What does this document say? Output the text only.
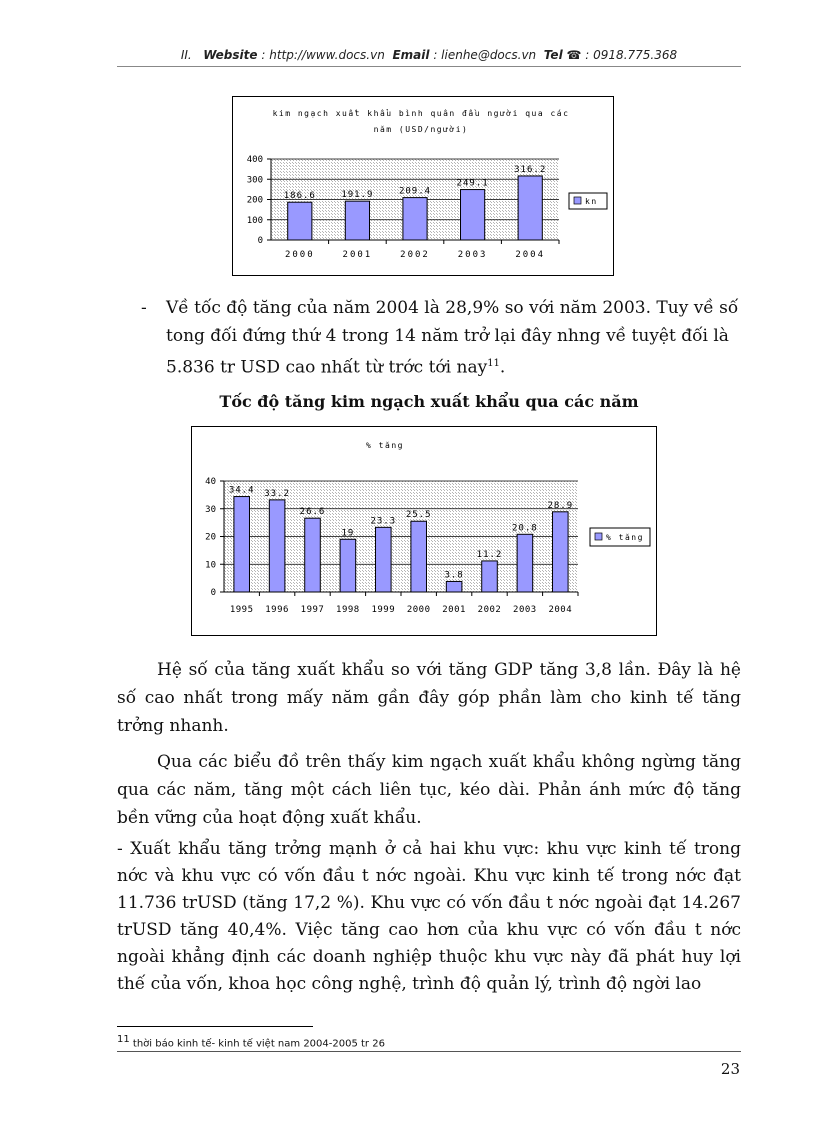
II. Website : http://www.docs.vn Email : lienhe@docs.vn Tel ☎ : 0918.775.368
kim ngạch xuất khẩu bình quân đầu người qua các
năm (USD/người)
0
100
200
300
400
186.6
2000
191.9
2001
209.4
2002
249.1
2003
316.2
2004
kn
- Về tốc độ tăng của năm 2004 là 28,9% so với năm 2003. Tuy về số
tong đối đứng thứ 4 trong 14 năm trở lại đây nhng về tuyệt đối là
5.836 tr USD cao nhất từ trớc tới nay$^{11}$.
Tốc độ tăng kim ngạch xuất khẩu qua các năm
% tăng
0
10
20
30
40
34.4
1995
33.2
1996
26.6
1997
19
1998
23.3
1999
25.5
2000
3.8
2001
11.2
2002
20.8
2003
28.9
2004
% tăng
Hệ số của tăng xuất khẩu so với tăng GDP tăng 3,8 lần. Đây là hệ số cao nhất trong mấy năm gần đây góp phần làm cho kinh tế tăng trởng nhanh.
Qua các biểu đồ trên thấy kim ngạch xuất khẩu không ngừng tăng qua các năm, tăng một cách liên tục, kéo dài. Phản ánh mức độ tăng bền vững của hoạt động xuất khẩu.
- Xuất khẩu tăng trởng mạnh ở cả hai khu vực: khu vực kinh tế trong nớc và khu vực có vốn đầu t nớc ngoài. Khu vực kinh tế trong nớc đạt 11.736 trUSD (tăng 17,2 %). Khu vực có vốn đầu t nớc ngoài đạt 14.267 trUSD tăng 40,4%. Việc tăng cao hơn của khu vực có vốn đầu t nớc ngoài khẳng định các doanh nghiệp thuộc khu vực này đã phát huy lợi thế của vốn, khoa học công nghệ, trình độ quản lý, trình độ ngời lao
$^{11}$ thời báo kinh tế- kinh tế việt nam 2004-2005 tr 26
23
